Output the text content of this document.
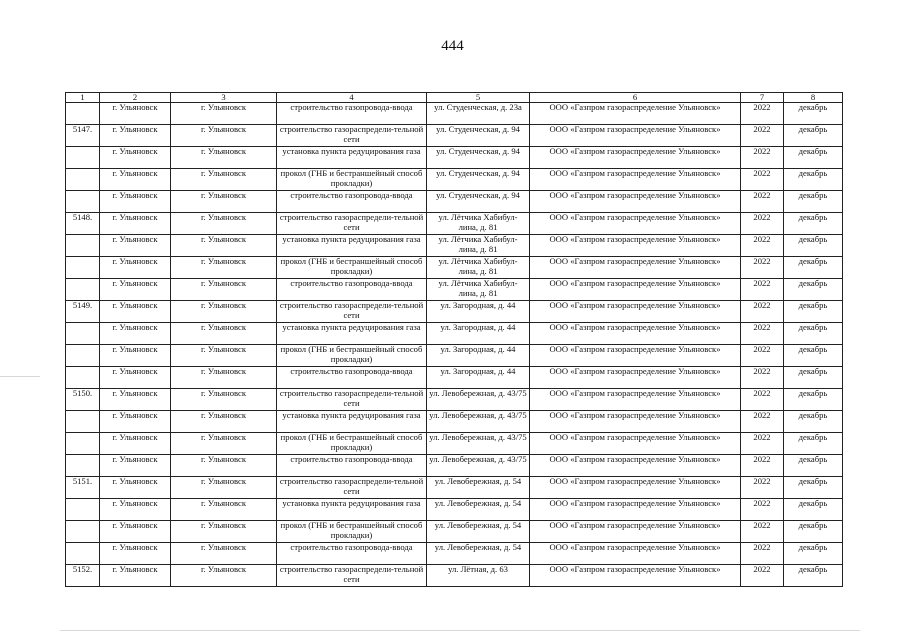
444
1	2	3	4	5	6	7	8
	г. Ульяновск	г. Ульяновск	строительство газопровода-ввода	ул. Студенческая, д. 23а	ООО «Газпром газораспределение Ульяновск»	2022	декабрь
5147.	г. Ульяновск	г. Ульяновск	строительство газораспредели-тельной сети	ул. Студенческая, д. 94	ООО «Газпром газораспределение Ульяновск»	2022	декабрь
	г. Ульяновск	г. Ульяновск	установка пункта редуцирования газа	ул. Студенческая, д. 94	ООО «Газпром газораспределение Ульяновск»	2022	декабрь
	г. Ульяновск	г. Ульяновск	прокол (ГНБ и бестраншейный способ прокладки)	ул. Студенческая, д. 94	ООО «Газпром газораспределение Ульяновск»	2022	декабрь
	г. Ульяновск	г. Ульяновск	строительство газопровода-ввода	ул. Студенческая, д. 94	ООО «Газпром газораспределение Ульяновск»	2022	декабрь
5148.	г. Ульяновск	г. Ульяновск	строительство газораспредели-тельной сети	ул. Лётчика Хабибул-лина, д. 81	ООО «Газпром газораспределение Ульяновск»	2022	декабрь
	г. Ульяновск	г. Ульяновск	установка пункта редуцирования газа	ул. Лётчика Хабибул-лина, д. 81	ООО «Газпром газораспределение Ульяновск»	2022	декабрь
	г. Ульяновск	г. Ульяновск	прокол (ГНБ и бестраншейный способ прокладки)	ул. Лётчика Хабибул-лина, д. 81	ООО «Газпром газораспределение Ульяновск»	2022	декабрь
	г. Ульяновск	г. Ульяновск	строительство газопровода-ввода	ул. Лётчика Хабибул-лина, д. 81	ООО «Газпром газораспределение Ульяновск»	2022	декабрь
5149.	г. Ульяновск	г. Ульяновск	строительство газораспредели-тельной сети	ул. Загородная, д. 44	ООО «Газпром газораспределение Ульяновск»	2022	декабрь
	г. Ульяновск	г. Ульяновск	установка пункта редуцирования газа	ул. Загородная, д. 44	ООО «Газпром газораспределение Ульяновск»	2022	декабрь
	г. Ульяновск	г. Ульяновск	прокол (ГНБ и бестраншейный способ прокладки)	ул. Загородная, д. 44	ООО «Газпром газораспределение Ульяновск»	2022	декабрь
	г. Ульяновск	г. Ульяновск	строительство газопровода-ввода	ул. Загородная, д. 44	ООО «Газпром газораспределение Ульяновск»	2022	декабрь
5150.	г. Ульяновск	г. Ульяновск	строительство газораспредели-тельной сети	ул. Левобережная, д. 43/75	ООО «Газпром газораспределение Ульяновск»	2022	декабрь
	г. Ульяновск	г. Ульяновск	установка пункта редуцирования газа	ул. Левобережная, д. 43/75	ООО «Газпром газораспределение Ульяновск»	2022	декабрь
	г. Ульяновск	г. Ульяновск	прокол (ГНБ и бестраншейный способ прокладки)	ул. Левобережная, д. 43/75	ООО «Газпром газораспределение Ульяновск»	2022	декабрь
	г. Ульяновск	г. Ульяновск	строительство газопровода-ввода	ул. Левобережная, д. 43/75	ООО «Газпром газораспределение Ульяновск»	2022	декабрь
5151.	г. Ульяновск	г. Ульяновск	строительство газораспредели-тельной сети	ул. Левобережная, д. 54	ООО «Газпром газораспределение Ульяновск»	2022	декабрь
	г. Ульяновск	г. Ульяновск	установка пункта редуцирования газа	ул. Левобережная, д. 54	ООО «Газпром газораспределение Ульяновск»	2022	декабрь
	г. Ульяновск	г. Ульяновск	прокол (ГНБ и бестраншейный способ прокладки)	ул. Левобережная, д. 54	ООО «Газпром газораспределение Ульяновск»	2022	декабрь
	г. Ульяновск	г. Ульяновск	строительство газопровода-ввода	ул. Левобережная, д. 54	ООО «Газпром газораспределение Ульяновск»	2022	декабрь
5152.	г. Ульяновск	г. Ульяновск	строительство газораспредели-тельной сети	ул. Лётная, д. 63	ООО «Газпром газораспределение Ульяновск»	2022	декабрь
